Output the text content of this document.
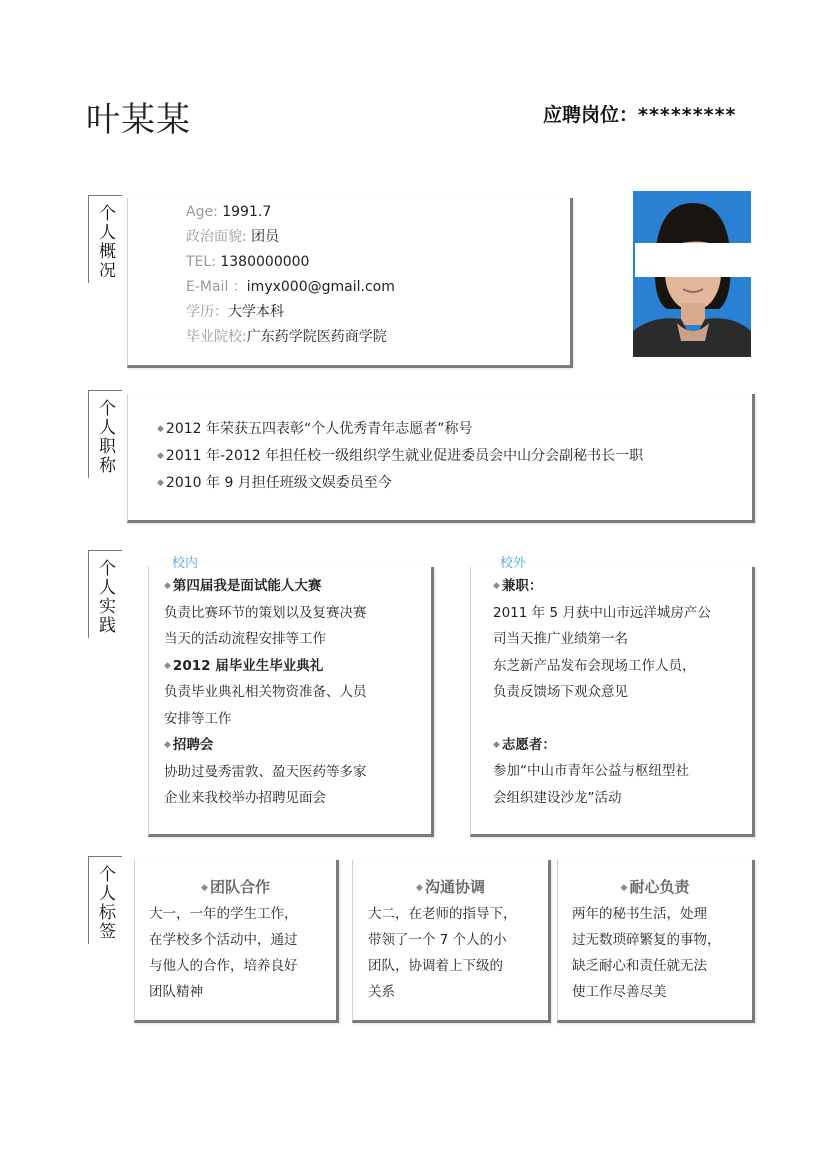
叶某某	应聘岗位：*********
个人概况	Age: 1991.7
政治面貌: 团员
TEL: 1380000000
E-Mail ：imyx000@gmail.com
学历：大学本科
毕业院校:广东药学院医药商学院
个人职称	◆ 2012 年荣获五四表彰“个人优秀青年志愿者”称号
◆ 2011 年-2012 年担任校一级组织学生就业促进委员会中山分会副秘书长一职
◆ 2010 年 9 月担任班级文娱委员至今
个人实践	校内	校外
◆ 第四届我是面试能人大赛
负责比赛环节的策划以及复赛决赛
当天的活动流程安排等工作
◆ 2012 届毕业生毕业典礼
负责毕业典礼相关物资准备、人员
安排等工作
◆ 招聘会
协助过曼秀雷敦、盈天医药等多家
企业来我校举办招聘见面会
◆ 兼职：
2011 年 5 月获中山市远洋城房产公
司当天推广业绩第一名
东芝新产品发布会现场工作人员，
负责反馈场下观众意见
◆ 志愿者：
参加“中山市青年公益与枢纽型社
会组织建设沙龙”活动
个人标签	◆ 团队合作
大一，一年的学生工作，
在学校多个活动中，通过
与他人的合作，培养良好
团队精神
◆ 沟通协调
大二，在老师的指导下，
带领了一个 7 个人的小
团队，协调着上下级的
关系
◆ 耐心负责
两年的秘书生活，处理
过无数琐碎繁复的事物，
缺乏耐心和责任就无法
使工作尽善尽美
